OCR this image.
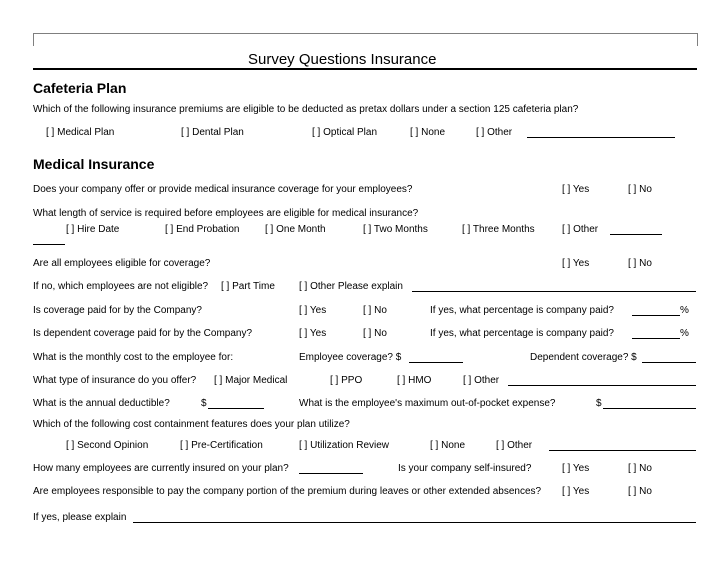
Survey Questions Insurance
Cafeteria Plan
Which of the following insurance premiums are eligible to be deducted as pretax dollars under a section 125 cafeteria plan?
[ ] Medical Plan	[ ] Dental Plan	[ ] Optical Plan	[ ] None	[ ] Other
Medical Insurance
Does your company offer or provide medical insurance coverage for your employees?	[ ] Yes	[ ] No
What length of service is required before employees are eligible for medical insurance?
[ ] Hire Date	[ ] End Probation	[ ] One Month	[ ] Two Months	[ ] Three Months	[ ] Other
Are all employees eligible for coverage?	[ ] Yes	[ ] No
If no, which employees are not eligible? [ ] Part Time [ ] Other Please explain
Is coverage paid for by the Company?	[ ] Yes	[ ] No	If yes, what percentage is company paid?	%
Is dependent coverage paid for by the Company?	[ ] Yes	[ ] No	If yes, what percentage is company paid?	%
What is the monthly cost to the employee for:	Employee coverage? $	Dependent coverage? $
What type of insurance do you offer? [ ] Major Medical	[ ] PPO	[ ] HMO	[ ] Other
What is the annual deductible?	$	What is the employee's maximum out-of-pocket expense?	$
Which of the following cost containment features does your plan utilize?
[ ] Second Opinion	[ ] Pre-Certification	[ ] Utilization Review	[ ] None	[ ] Other
How many employees are currently insured on your plan?	Is your company self-insured?	[ ] Yes	[ ] No
Are employees responsible to pay the company portion of the premium during leaves or other extended absences? [ ] Yes	[ ] No
If yes, please explain
